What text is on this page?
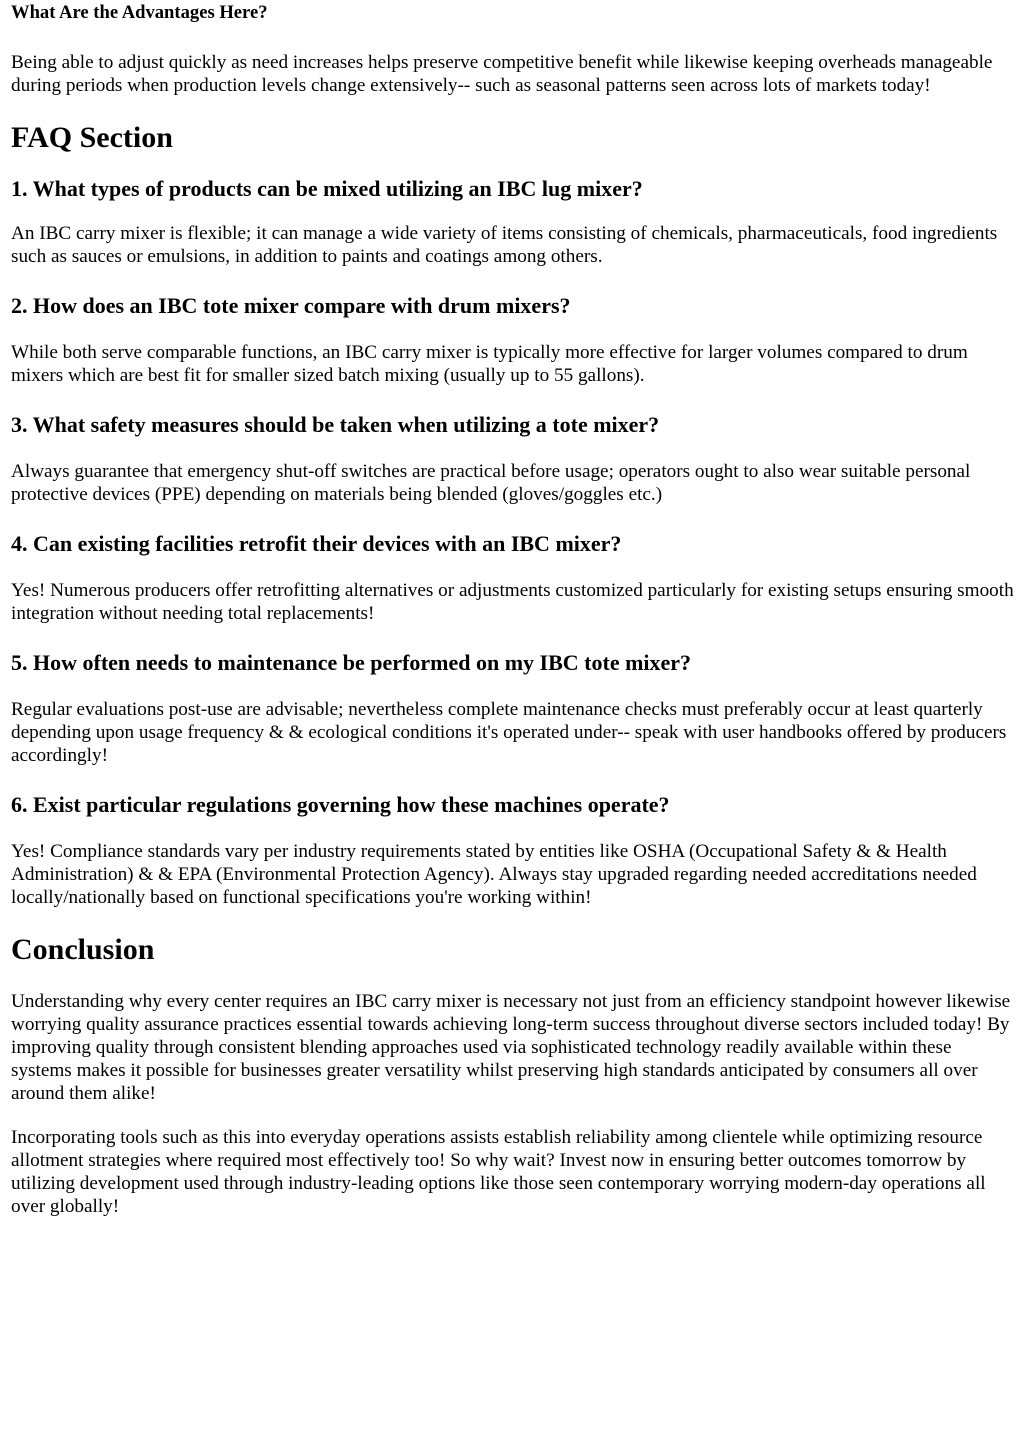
What Are the Advantages Here?

Being able to adjust quickly as need increases helps preserve competitive benefit while likewise keeping overheads manageable during periods when production levels change extensively-- such as seasonal patterns seen across lots of markets today!

FAQ Section
1. What types of products can be mixed utilizing an IBC lug mixer?

An IBC carry mixer is flexible; it can manage a wide variety of items consisting of chemicals, pharmaceuticals, food ingredients such as sauces or emulsions, in addition to paints and coatings among others.

2. How does an IBC tote mixer compare with drum mixers?

While both serve comparable functions, an IBC carry mixer is typically more effective for larger volumes compared to drum mixers which are best fit for smaller sized batch mixing (usually up to 55 gallons).

3. What safety measures should be taken when utilizing a tote mixer?

Always guarantee that emergency shut-off switches are practical before usage; operators ought to also wear suitable personal protective devices (PPE) depending on materials being blended (gloves/goggles etc.)

4. Can existing facilities retrofit their devices with an IBC mixer?

Yes! Numerous producers offer retrofitting alternatives or adjustments customized particularly for existing setups ensuring smooth integration without needing total replacements!

5. How often needs to maintenance be performed on my IBC tote mixer?

Regular evaluations post-use are advisable; nevertheless complete maintenance checks must preferably occur at least quarterly depending upon usage frequency & & ecological conditions it's operated under-- speak with user handbooks offered by producers accordingly!

6. Exist particular regulations governing how these machines operate?

Yes! Compliance standards vary per industry requirements stated by entities like OSHA (Occupational Safety & & Health Administration) & & EPA (Environmental Protection Agency). Always stay upgraded regarding needed accreditations needed locally/nationally based on functional specifications you're working within!

Conclusion

Understanding why every center requires an IBC carry mixer is necessary not just from an efficiency standpoint however likewise worrying quality assurance practices essential towards achieving long-term success throughout diverse sectors included today! By improving quality through consistent blending approaches used via sophisticated technology readily available within these systems makes it possible for businesses greater versatility whilst preserving high standards anticipated by consumers all over around them alike!

Incorporating tools such as this into everyday operations assists establish reliability among clientele while optimizing resource allotment strategies where required most effectively too! So why wait? Invest now in ensuring better outcomes tomorrow by utilizing development used through industry-leading options like those seen contemporary worrying modern-day operations all over globally!
